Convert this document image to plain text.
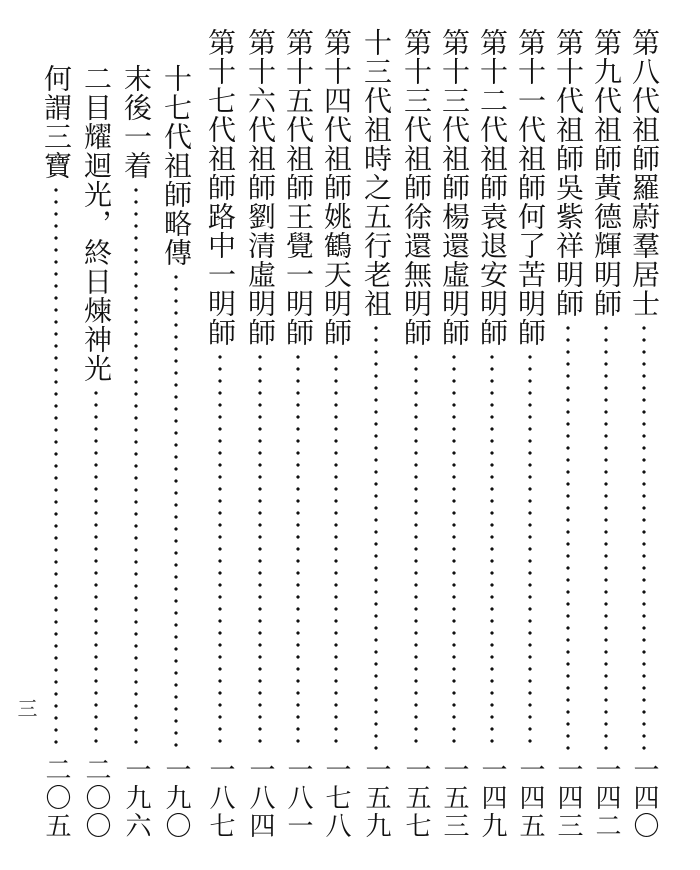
第八代祖師羅蔚羣居士
一四〇
第九代祖師黃德輝明師
一四二
第十代祖師吳紫祥明師
一四三
第十一代祖師何了苦明師
一四五
第十二代祖師袁退安明師
一四九
第十三代祖師楊還虛明師
一五三
第十三代祖師徐還無明師
一五七
十三代祖時之五行老祖
一五九
第十四代祖師姚鶴天明師
一七八
第十五代祖師王覺一明師
一八一
第十六代祖師劉清虛明師
一八四
第十七代祖師路中一明師
一八七
十七代祖師略傳
一九〇
末後一着
一九六
二目耀迴光，終日煉神光
二〇〇
何謂三寶
二〇五
三
